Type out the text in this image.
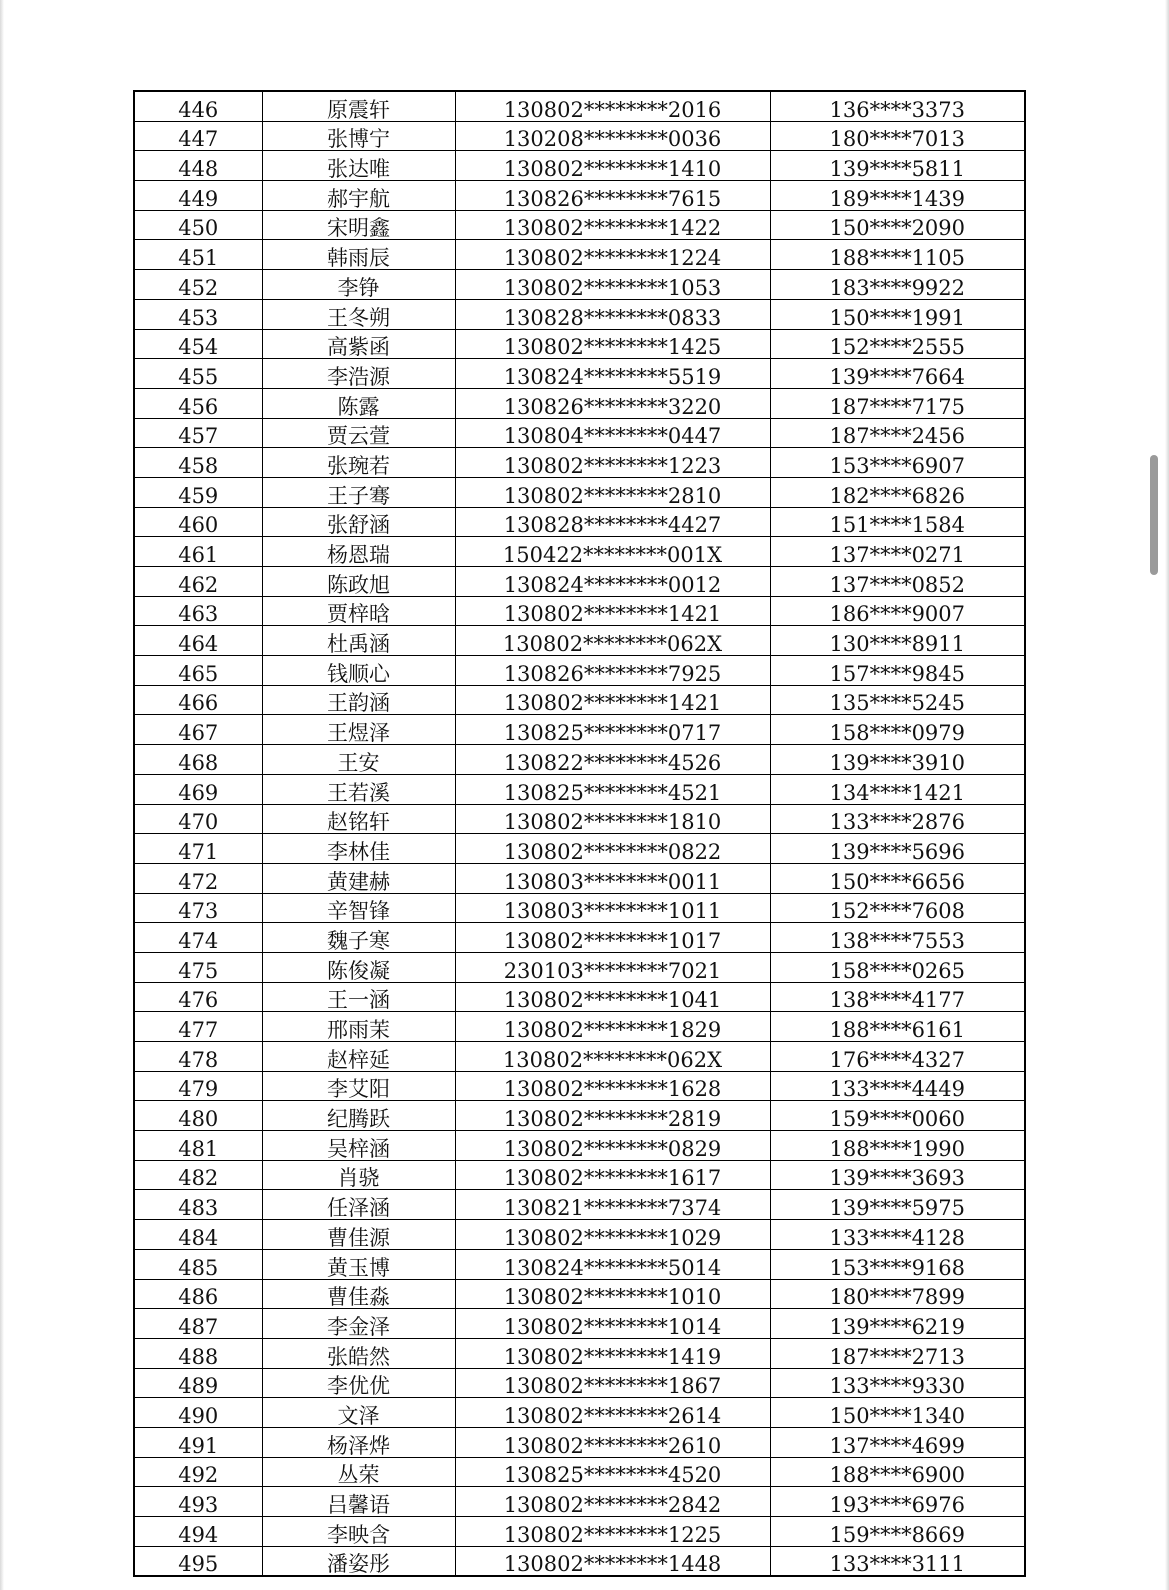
446	原震轩	130802********2016	136****3373
447	张博宁	130208********0036	180****7013
448	张达唯	130802********1410	139****5811
449	郝宇航	130826********7615	189****1439
450	宋明鑫	130802********1422	150****2090
451	韩雨辰	130802********1224	188****1105
452	李铮	130802********1053	183****9922
453	王冬朔	130828********0833	150****1991
454	高紫函	130802********1425	152****2555
455	李浩源	130824********5519	139****7664
456	陈露	130826********3220	187****7175
457	贾云萱	130804********0447	187****2456
458	张琬若	130802********1223	153****6907
459	王子骞	130802********2810	182****6826
460	张舒涵	130828********4427	151****1584
461	杨恩瑞	150422********001X	137****0271
462	陈政旭	130824********0012	137****0852
463	贾梓晗	130802********1421	186****9007
464	杜禹涵	130802********062X	130****8911
465	钱顺心	130826********7925	157****9845
466	王韵涵	130802********1421	135****5245
467	王煜泽	130825********0717	158****0979
468	王安	130822********4526	139****3910
469	王若溪	130825********4521	134****1421
470	赵铭轩	130802********1810	133****2876
471	李林佳	130802********0822	139****5696
472	黄建赫	130803********0011	150****6656
473	辛智锋	130803********1011	152****7608
474	魏子寒	130802********1017	138****7553
475	陈俊凝	230103********7021	158****0265
476	王一涵	130802********1041	138****4177
477	邢雨茉	130802********1829	188****6161
478	赵梓延	130802********062X	176****4327
479	李艾阳	130802********1628	133****4449
480	纪腾跃	130802********2819	159****0060
481	吴梓涵	130802********0829	188****1990
482	肖骁	130802********1617	139****3693
483	任泽涵	130821********7374	139****5975
484	曹佳源	130802********1029	133****4128
485	黄玉博	130824********5014	153****9168
486	曹佳淼	130802********1010	180****7899
487	李金泽	130802********1014	139****6219
488	张皓然	130802********1419	187****2713
489	李优优	130802********1867	133****9330
490	文泽	130802********2614	150****1340
491	杨泽烨	130802********2610	137****4699
492	丛荣	130825********4520	188****6900
493	吕馨语	130802********2842	193****6976
494	李映含	130802********1225	159****8669
495	潘姿彤	130802********1448	133****3111
